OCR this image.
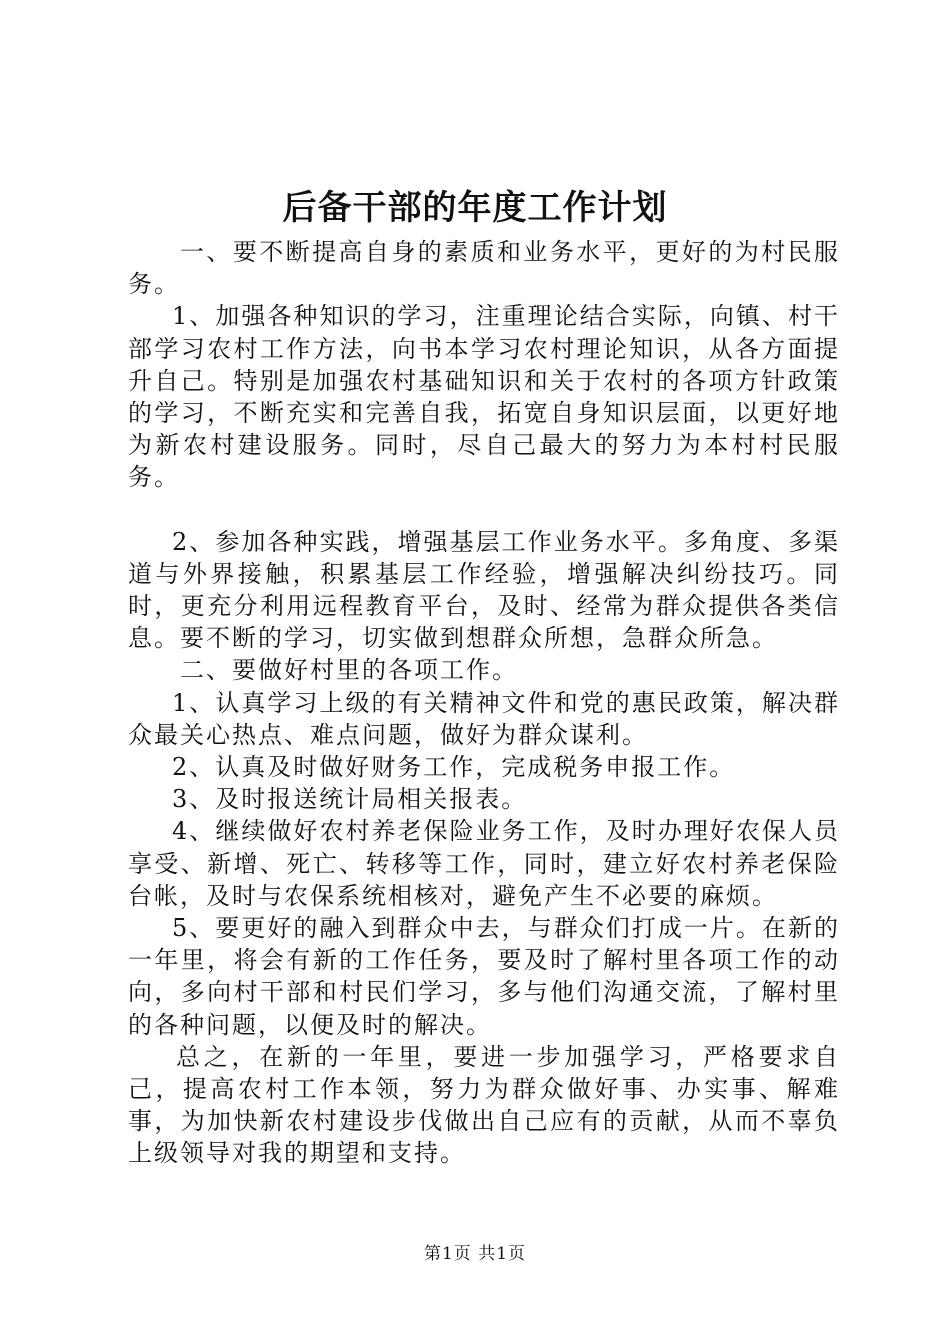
后备干部的年度工作计划

一、要不断提高自身的素质和业务水平，更好的为村民服务。

1、加强各种知识的学习，注重理论结合实际，向镇、村干部学习农村工作方法，向书本学习农村理论知识，从各方面提升自己。特别是加强农村基础知识和关于农村的各项方针政策的学习，不断充实和完善自我，拓宽自身知识层面，以更好地为新农村建设服务。同时，尽自己最大的努力为本村村民服务。

2、参加各种实践，增强基层工作业务水平。多角度、多渠道与外界接触，积累基层工作经验，增强解决纠纷技巧。同时，更充分利用远程教育平台，及时、经常为群众提供各类信息。要不断的学习，切实做到想群众所想，急群众所急。

二、要做好村里的各项工作。

1、认真学习上级的有关精神文件和党的惠民政策，解决群众最关心热点、难点问题，做好为群众谋利。

2、认真及时做好财务工作，完成税务申报工作。

3、及时报送统计局相关报表。

4、继续做好农村养老保险业务工作，及时办理好农保人员享受、新增、死亡、转移等工作，同时，建立好农村养老保险台帐，及时与农保系统相核对，避免产生不必要的麻烦。

5、要更好的融入到群众中去，与群众们打成一片。在新的一年里，将会有新的工作任务，要及时了解村里各项工作的动向，多向村干部和村民们学习，多与他们沟通交流，了解村里的各种问题，以便及时的解决。

总之，在新的一年里，要进一步加强学习，严格要求自己，提高农村工作本领，努力为群众做好事、办实事、解难事，为加快新农村建设步伐做出自己应有的贡献，从而不辜负上级领导对我的期望和支持。

第1页 共1页
